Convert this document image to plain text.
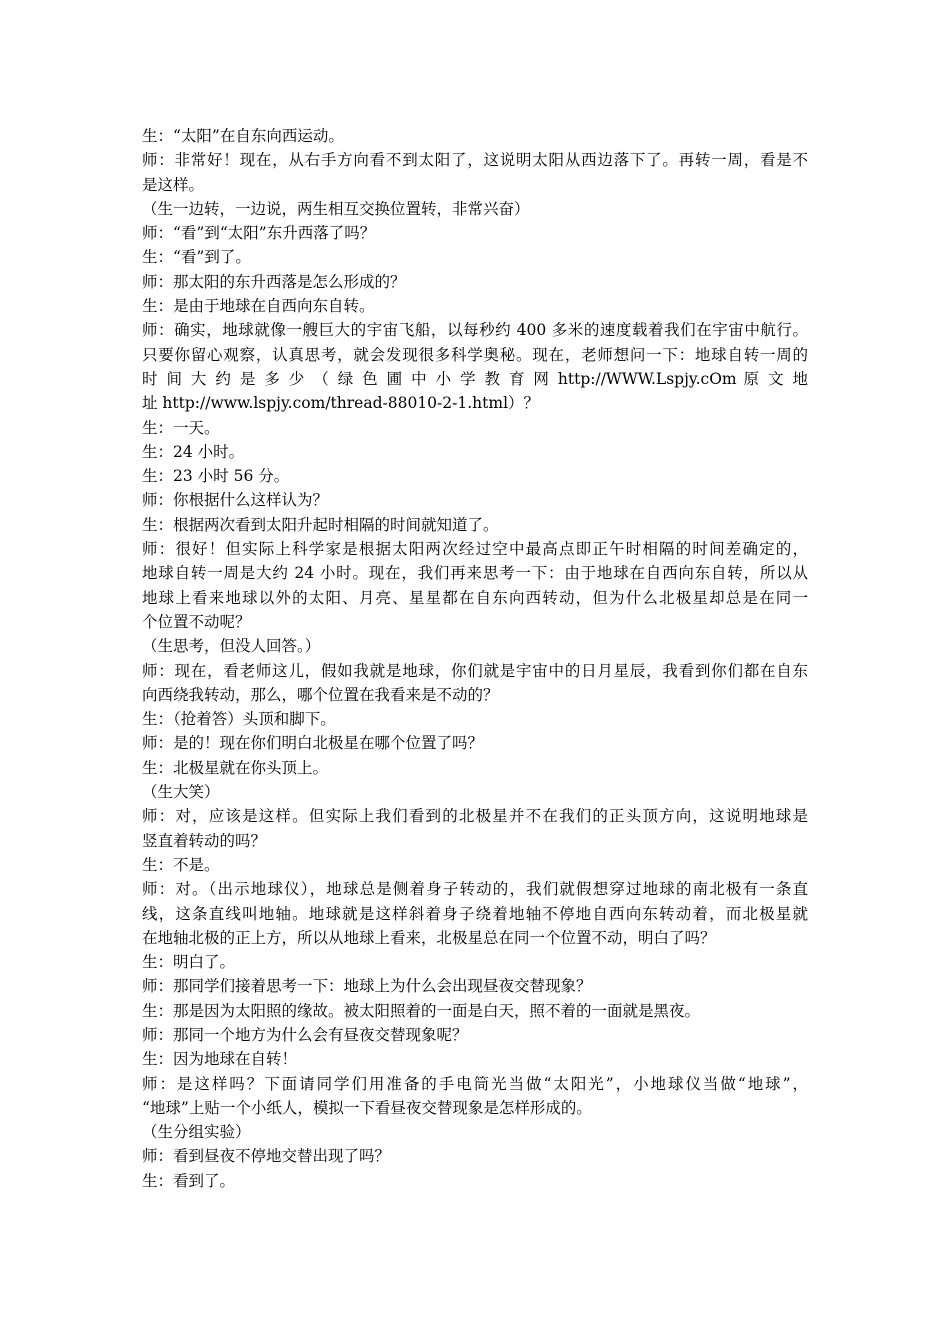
生：“太阳”在自东向西运动。
师：非常好！现在，从右手方向看不到太阳了，这说明太阳从西边落下了。再转一周，看是不
是这样。
（生一边转，一边说，两生相互交换位置转，非常兴奋）
师：“看”到“太阳”东升西落了吗？
生：“看”到了。
师：那太阳的东升西落是怎么形成的？
生：是由于地球在自西向东自转。
师：确实，地球就像一艘巨大的宇宙飞船，以每秒约 400 多米的速度载着我们在宇宙中航行。
只要你留心观察，认真思考，就会发现很多科学奥秘。现在，老师想问一下：地球自转一周的
时 间 大 约 是 多 少 （ 绿 色 圃 中 小 学 教 育 网 http://WWW.Lspjy.cOm 原 文 地
址 http://www.lspjy.com/thread-88010-2-1.html）？
生：一天。
生：24 小时。
生：23 小时 56 分。
师：你根据什么这样认为？
生：根据两次看到太阳升起时相隔的时间就知道了。
师：很好！但实际上科学家是根据太阳两次经过空中最高点即正午时相隔的时间差确定的，
地球自转一周是大约 24 小时。现在，我们再来思考一下：由于地球在自西向东自转，所以从
地球上看来地球以外的太阳、月亮、星星都在自东向西转动，但为什么北极星却总是在同一
个位置不动呢？
（生思考，但没人回答。）
师：现在，看老师这儿，假如我就是地球，你们就是宇宙中的日月星辰，我看到你们都在自东
向西绕我转动，那么，哪个位置在我看来是不动的？
生：（抢着答）头顶和脚下。
师：是的！现在你们明白北极星在哪个位置了吗？
生：北极星就在你头顶上。
（生大笑）
师：对，应该是这样。但实际上我们看到的北极星并不在我们的正头顶方向，这说明地球是
竖直着转动的吗？
生：不是。
师：对。（出示地球仪），地球总是侧着身子转动的，我们就假想穿过地球的南北极有一条直
线，这条直线叫地轴。地球就是这样斜着身子绕着地轴不停地自西向东转动着，而北极星就
在地轴北极的正上方，所以从地球上看来，北极星总在同一个位置不动，明白了吗？
生：明白了。
师：那同学们接着思考一下：地球上为什么会出现昼夜交替现象？
生：那是因为太阳照的缘故。被太阳照着的一面是白天，照不着的一面就是黑夜。
师：那同一个地方为什么会有昼夜交替现象呢？
生：因为地球在自转！
师：是这样吗？下面请同学们用准备的手电筒光当做“太阳光”，小地球仪当做“地球”，
“地球”上贴一个小纸人，模拟一下看昼夜交替现象是怎样形成的。
（生分组实验）
师：看到昼夜不停地交替出现了吗？
生：看到了。
